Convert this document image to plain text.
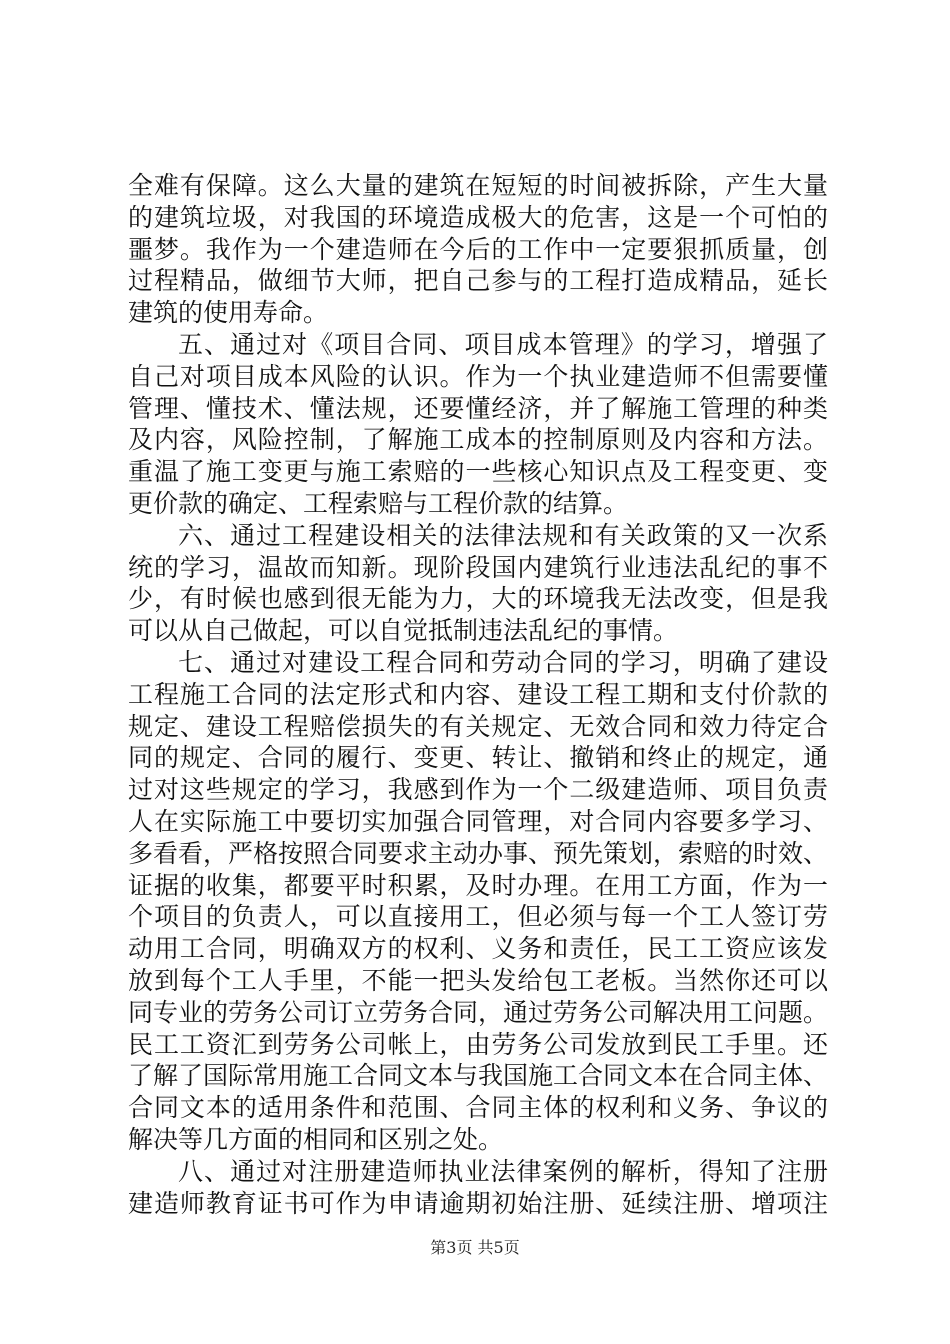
全难有保障。这么大量的建筑在短短的时间被拆除，产生大量
的建筑垃圾，对我国的环境造成极大的危害，这是一个可怕的
噩梦。我作为一个建造师在今后的工作中一定要狠抓质量，创
过程精品，做细节大师，把自己参与的工程打造成精品，延长
建筑的使用寿命。
五、通过对《项目合同、项目成本管理》的学习，增强了
自己对项目成本风险的认识。作为一个执业建造师不但需要懂
管理、懂技术、懂法规，还要懂经济，并了解施工管理的种类
及内容，风险控制，了解施工成本的控制原则及内容和方法。
重温了施工变更与施工索赔的一些核心知识点及工程变更、变
更价款的确定、工程索赔与工程价款的结算。
六、通过工程建设相关的法律法规和有关政策的又一次系
统的学习，温故而知新。现阶段国内建筑行业违法乱纪的事不
少，有时候也感到很无能为力，大的环境我无法改变，但是我
可以从自己做起，可以自觉抵制违法乱纪的事情。
七、通过对建设工程合同和劳动合同的学习，明确了建设
工程施工合同的法定形式和内容、建设工程工期和支付价款的
规定、建设工程赔偿损失的有关规定、无效合同和效力待定合
同的规定、合同的履行、变更、转让、撤销和终止的规定，通
过对这些规定的学习，我感到作为一个二级建造师、项目负责
人在实际施工中要切实加强合同管理，对合同内容要多学习、
多看看，严格按照合同要求主动办事、预先策划，索赔的时效、
证据的收集，都要平时积累，及时办理。在用工方面，作为一
个项目的负责人，可以直接用工，但必须与每一个工人签订劳
动用工合同，明确双方的权利、义务和责任，民工工资应该发
放到每个工人手里，不能一把头发给包工老板。当然你还可以
同专业的劳务公司订立劳务合同，通过劳务公司解决用工问题。
民工工资汇到劳务公司帐上，由劳务公司发放到民工手里。还
了解了国际常用施工合同文本与我国施工合同文本在合同主体、
合同文本的适用条件和范围、合同主体的权利和义务、争议的
解决等几方面的相同和区别之处。
八、通过对注册建造师执业法律案例的解析，得知了注册
建造师教育证书可作为申请逾期初始注册、延续注册、增项注
第3页 共5页
